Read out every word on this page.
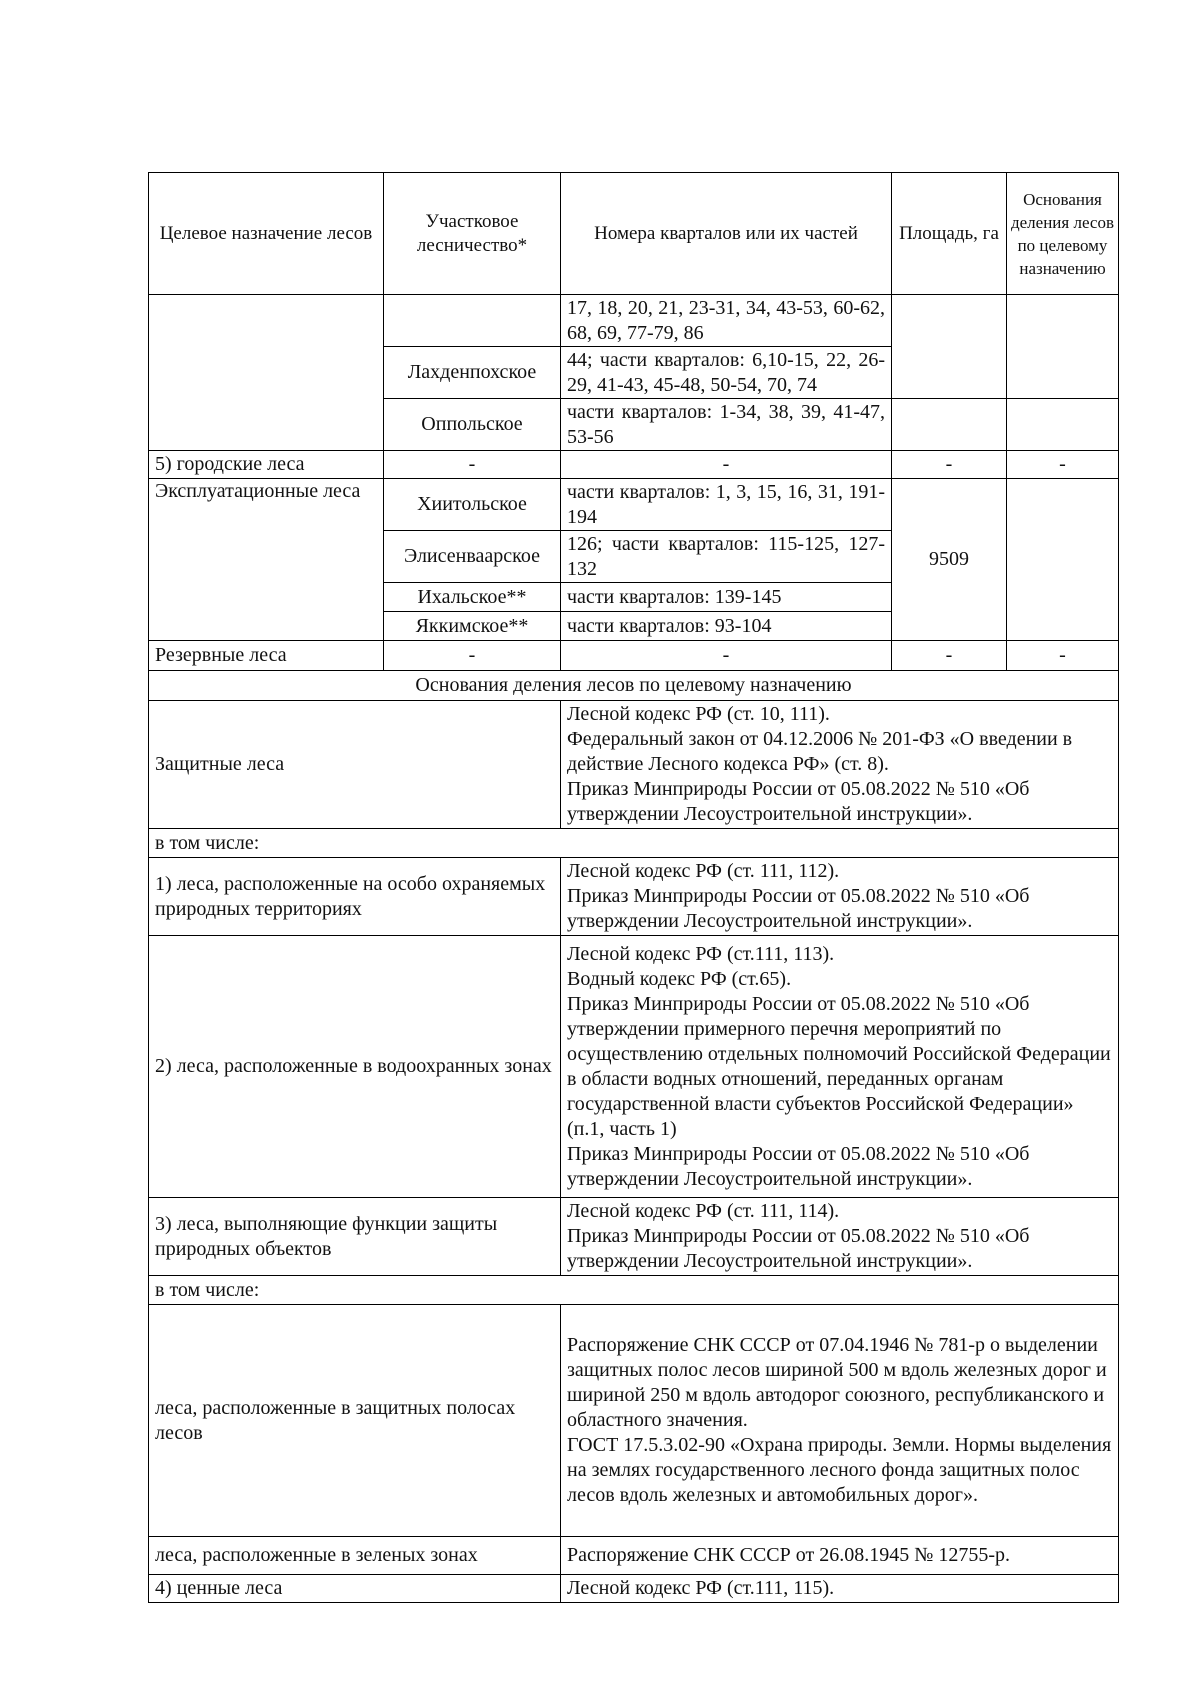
Целевое назначение лесов	Участковое лесничество*	Номера кварталов или их частей	Площадь, га	Основания деления лесов по целевому назначению
		17, 18, 20, 21, 23-31, 34, 43-53, 60-62, 68, 69, 77-79, 86		
	Лахденпохское	44; части кварталов: 6,10-15, 22, 26-29, 41-43, 45-48, 50-54, 70, 74		
	Оппольское	части кварталов: 1-34, 38, 39, 41-47, 53-56		
5) городские леса	-	-	-	-
Эксплуатационные леса	Хиитольское	части кварталов: 1, 3, 15, 16, 31, 191-194	9509	
	Элисенваарское	126; части кварталов: 115-125, 127-132		
	Ихальское**	части кварталов: 139-145		
	Яккимское**	части кварталов: 93-104		
Резервные леса	-	-	-	-
Основания деления лесов по целевому назначению				
Защитные леса		Лесной кодекс РФ (ст. 10, 111).
Федеральный закон от 04.12.2006 № 201-ФЗ «О введении в действие Лесного кодекса РФ» (ст. 8).
Приказ Минприроды России от 05.08.2022 № 510 «Об утверждении Лесоустроительной инструкции».		
в том числе:				
1) леса, расположенные на особо охраняемых природных территориях		Лесной кодекс РФ (ст. 111, 112).
Приказ Минприроды России от 05.08.2022 № 510 «Об утверждении Лесоустроительной инструкции».		
2) леса, расположенные в водоохранных зонах		Лесной кодекс РФ (ст.111, 113).
Водный кодекс РФ (ст.65).
Приказ Минприроды России от 05.08.2022 № 510 «Об утверждении примерного перечня мероприятий по осуществлению отдельных полномочий Российской Федерации в области водных отношений, переданных органам государственной власти субъектов Российской Федерации» (п.1, часть 1)
Приказ Минприроды России от 05.08.2022 № 510 «Об утверждении Лесоустроительной инструкции».		
3) леса, выполняющие функции защиты природных объектов		Лесной кодекс РФ (ст. 111, 114).
Приказ Минприроды России от 05.08.2022 № 510 «Об утверждении Лесоустроительной инструкции».		
в том числе:				
леса, расположенные в защитных полосах лесов		Распоряжение СНК СССР от 07.04.1946 № 781-р о выделении защитных полос лесов шириной 500 м вдоль железных дорог и шириной 250 м вдоль автодорог союзного, республиканского и областного значения.
ГОСТ 17.5.3.02-90 «Охрана природы. Земли. Нормы выделения на землях государственного лесного фонда защитных полос лесов вдоль железных и автомобильных дорог».		
леса, расположенные в зеленых зонах		Распоряжение СНК СССР от 26.08.1945 № 12755-р.		
4) ценные леса		Лесной кодекс РФ (ст.111, 115).		
